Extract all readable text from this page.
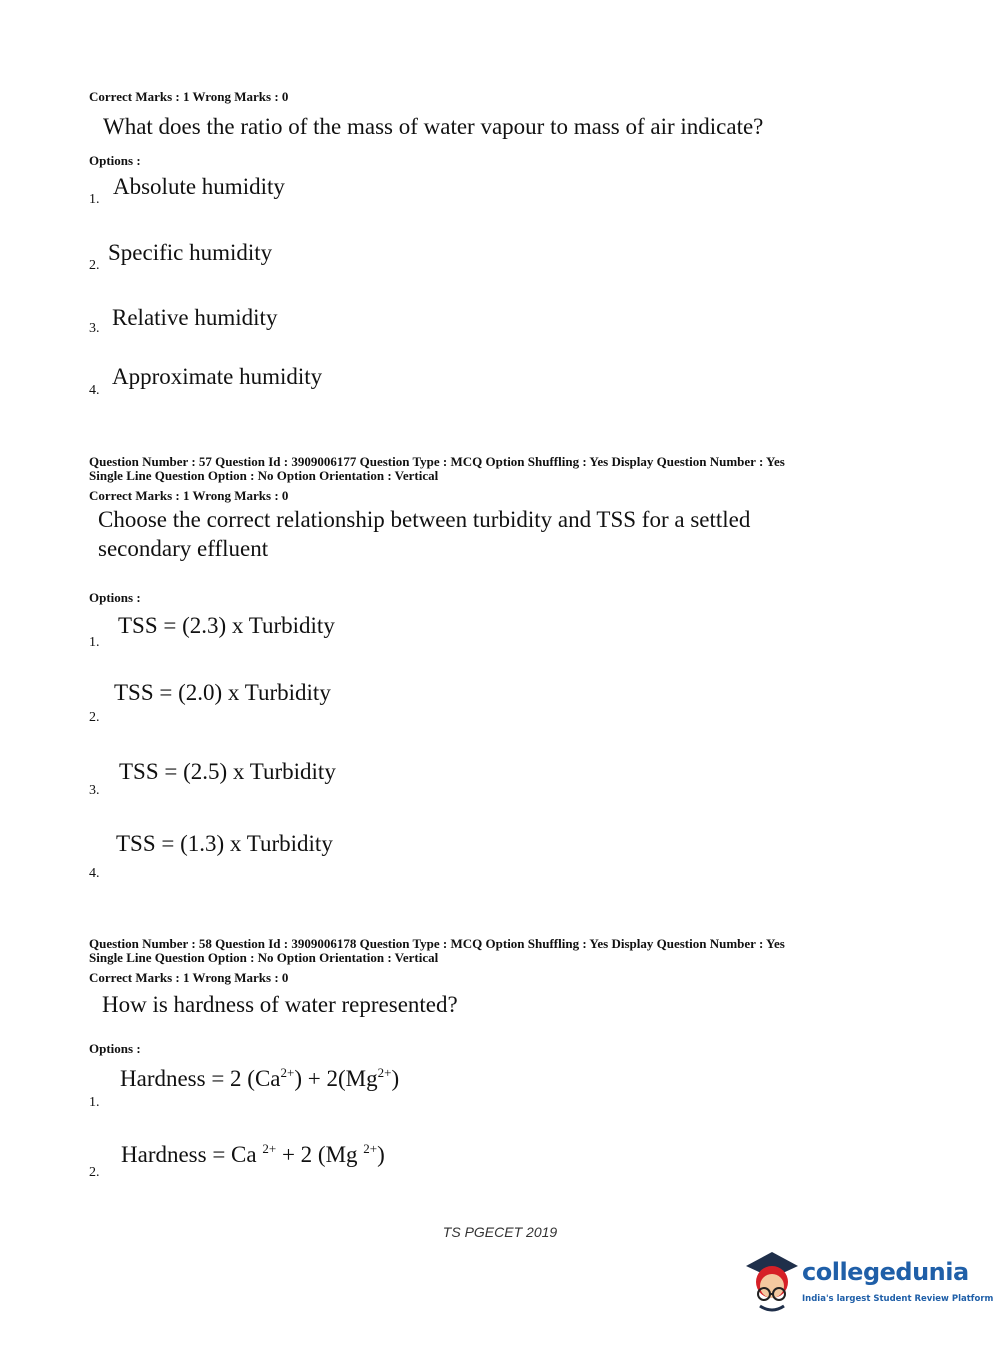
Correct Marks : 1 Wrong Marks : 0
What does the ratio of the mass of water vapour to mass of air indicate?
Options :
1.
Absolute humidity
2.
Specific humidity
3. Relative humidity
4.
Approximate humidity
Question Number : 57 Question Id : 3909006177 Question Type : MCQ Option Shuffling : Yes Display Question Number : Yes
Single Line Question Option : No Option Orientation : Vertical
Correct Marks : 1 Wrong Marks : 0
Choose the correct relationship between turbidity and TSS for a settled
secondary effluent
Options :
1.
TSS = (2.3) x Turbidity
2.
TSS = (2.0) x Turbidity
3.
TSS = (2.5) x Turbidity
4.
TSS = (1.3) x Turbidity
Question Number : 58 Question Id : 3909006178 Question Type : MCQ Option Shuffling : Yes Display Question Number : Yes
Single Line Question Option : No Option Orientation : Vertical
Correct Marks : 1 Wrong Marks : 0
How is hardness of water represented?
Options :
1.
Hardness = 2 $(Ca^{2+}) + 2(Mg^{2+})$
2.
Hardness = Ca $^{2+}$ + 2 (Mg $^{2+}$)
TS PGECET 2019
collegedunia
India's largest Student Review Platform
